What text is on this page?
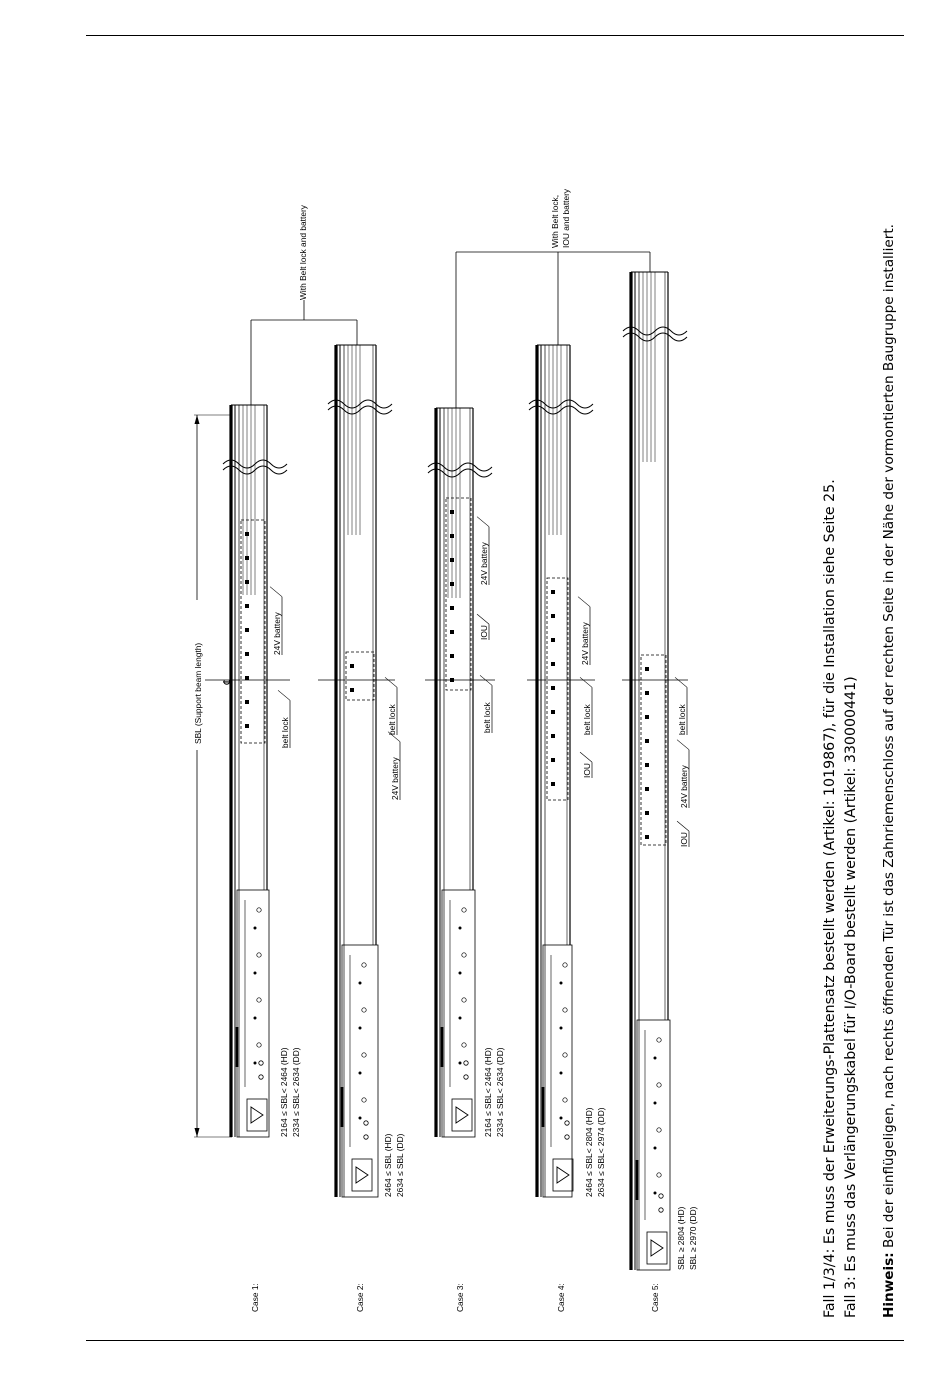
Case 1:
2164 ≤ SBL< 2464 (HD) 2334 ≤ SBL< 2634 (DD)
24V battery
belt lock
Case 2:
2464 ≤ SBL (HD) 2634 ≤ SBL (DD)
belt lock
24V battery
Case 3:
2164 ≤ SBL< 2464 (HD) 2334 ≤ SBL< 2634 (DD)
24V battery
IOU
belt lock
Case 4:
2464 ≤ SBL< 2804 (HD) 2634 ≤ SBL< 2974 (DD)
24V battery
belt lock
IOU
Case 5:
SBL ≥ 2804 (HD) SBL ≥ 2970 (DD)
belt lock
24V battery
IOU
℄
SBL (Support beam length)
With Belt lock and battery	With Belt lock, IOU and battery
Fall 1/3/4: Es muss der Erweiterungs-Plattensatz bestellt werden (Artikel: 1019867), für die Installation siehe Seite 25. Fall 3: Es muss das Verlängerungskabel für I/O-Board bestellt werden (Artikel: 330000441) Hinweis: Bei der einflügeligen, nach rechts öffnenden Tür ist das Zahnriemenschloss auf der rechten Seite in der Nähe der vormontierten Baugruppe installiert.
